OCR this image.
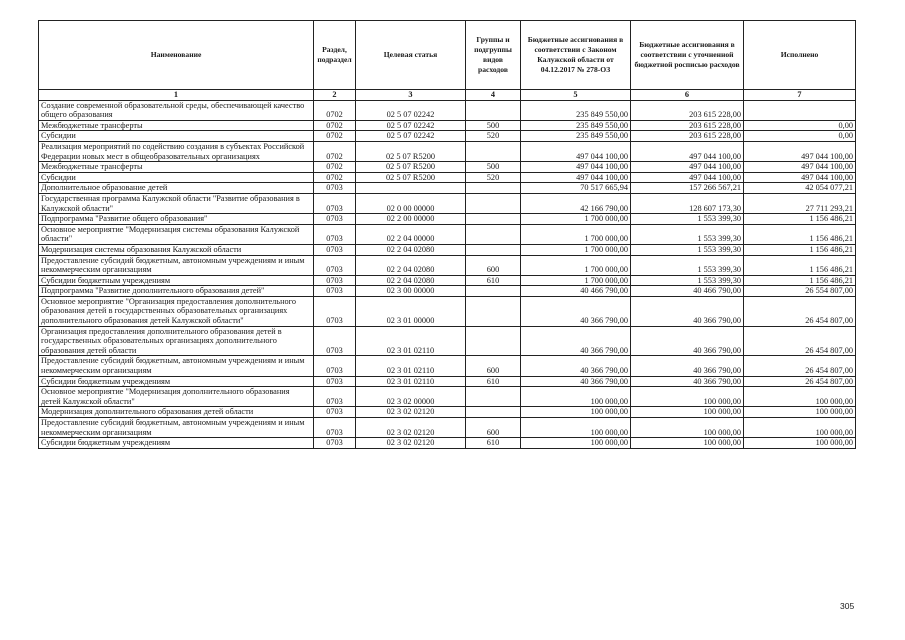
Наименование	Раздел, подраздел	Целевая статья	Группы и подгруппы видов расходов	Бюджетные ассигнования в соответствии с Законом Калужской области от 04.12.2017 № 278-ОЗ	Бюджетные ассигнования в соответствии с уточненной бюджетной росписью расходов	Исполнено
1	2	3	4	5	6	7
Создание современной образовательной среды, обеспечивающей качество общего образования	0702	02 5 07 02242		235 849 550,00	203 615 228,00	
Межбюджетные трансферты	0702	02 5 07 02242	500	235 849 550,00	203 615 228,00	0,00
Субсидии	0702	02 5 07 02242	520	235 849 550,00	203 615 228,00	0,00
Реализация мероприятий по содействию создания в субъектах Российской Федерации новых мест в общеобразовательных организациях	0702	02 5 07 R5200		497 044 100,00	497 044 100,00	497 044 100,00
Межбюджетные трансферты	0702	02 5 07 R5200	500	497 044 100,00	497 044 100,00	497 044 100,00
Субсидии	0702	02 5 07 R5200	520	497 044 100,00	497 044 100,00	497 044 100,00
Дополнительное образование детей	0703			70 517 665,94	157 266 567,21	42 054 077,21
Государственная программа Калужской области "Развитие образования в Калужской области"	0703	02 0 00 00000		42 166 790,00	128 607 173,30	27 711 293,21
Подпрограмма "Развитие общего образования"	0703	02 2 00 00000		1 700 000,00	1 553 399,30	1 156 486,21
Основное мероприятие "Модернизация системы образования Калужской области"	0703	02 2 04 00000		1 700 000,00	1 553 399,30	1 156 486,21
Модернизация системы образования Калужской области	0703	02 2 04 02080		1 700 000,00	1 553 399,30	1 156 486,21
Предоставление субсидий бюджетным, автономным учреждениям и иным некоммерческим организациям	0703	02 2 04 02080	600	1 700 000,00	1 553 399,30	1 156 486,21
Субсидии бюджетным учреждениям	0703	02 2 04 02080	610	1 700 000,00	1 553 399,30	1 156 486,21
Подпрограмма "Развитие дополнительного образования детей"	0703	02 3 00 00000		40 466 790,00	40 466 790,00	26 554 807,00
Основное мероприятие "Организация предоставления дополнительного образования детей в государственных образовательных организациях дополнительного образования детей Калужской области"	0703	02 3 01 00000		40 366 790,00	40 366 790,00	26 454 807,00
Организация предоставления дополнительного образования детей в государственных образовательных организациях дополнительного образования детей области	0703	02 3 01 02110		40 366 790,00	40 366 790,00	26 454 807,00
Предоставление субсидий бюджетным, автономным учреждениям и иным некоммерческим организациям	0703	02 3 01 02110	600	40 366 790,00	40 366 790,00	26 454 807,00
Субсидии бюджетным учреждениям	0703	02 3 01 02110	610	40 366 790,00	40 366 790,00	26 454 807,00
Основное мероприятие "Модернизация дополнительного образования детей Калужской области"	0703	02 3 02 00000		100 000,00	100 000,00	100 000,00
Модернизация дополнительного образования детей области	0703	02 3 02 02120		100 000,00	100 000,00	100 000,00
Предоставление субсидий бюджетным, автономным учреждениям и иным некоммерческим организациям	0703	02 3 02 02120	600	100 000,00	100 000,00	100 000,00
Субсидии бюджетным учреждениям	0703	02 3 02 02120	610	100 000,00	100 000,00	100 000,00
305
